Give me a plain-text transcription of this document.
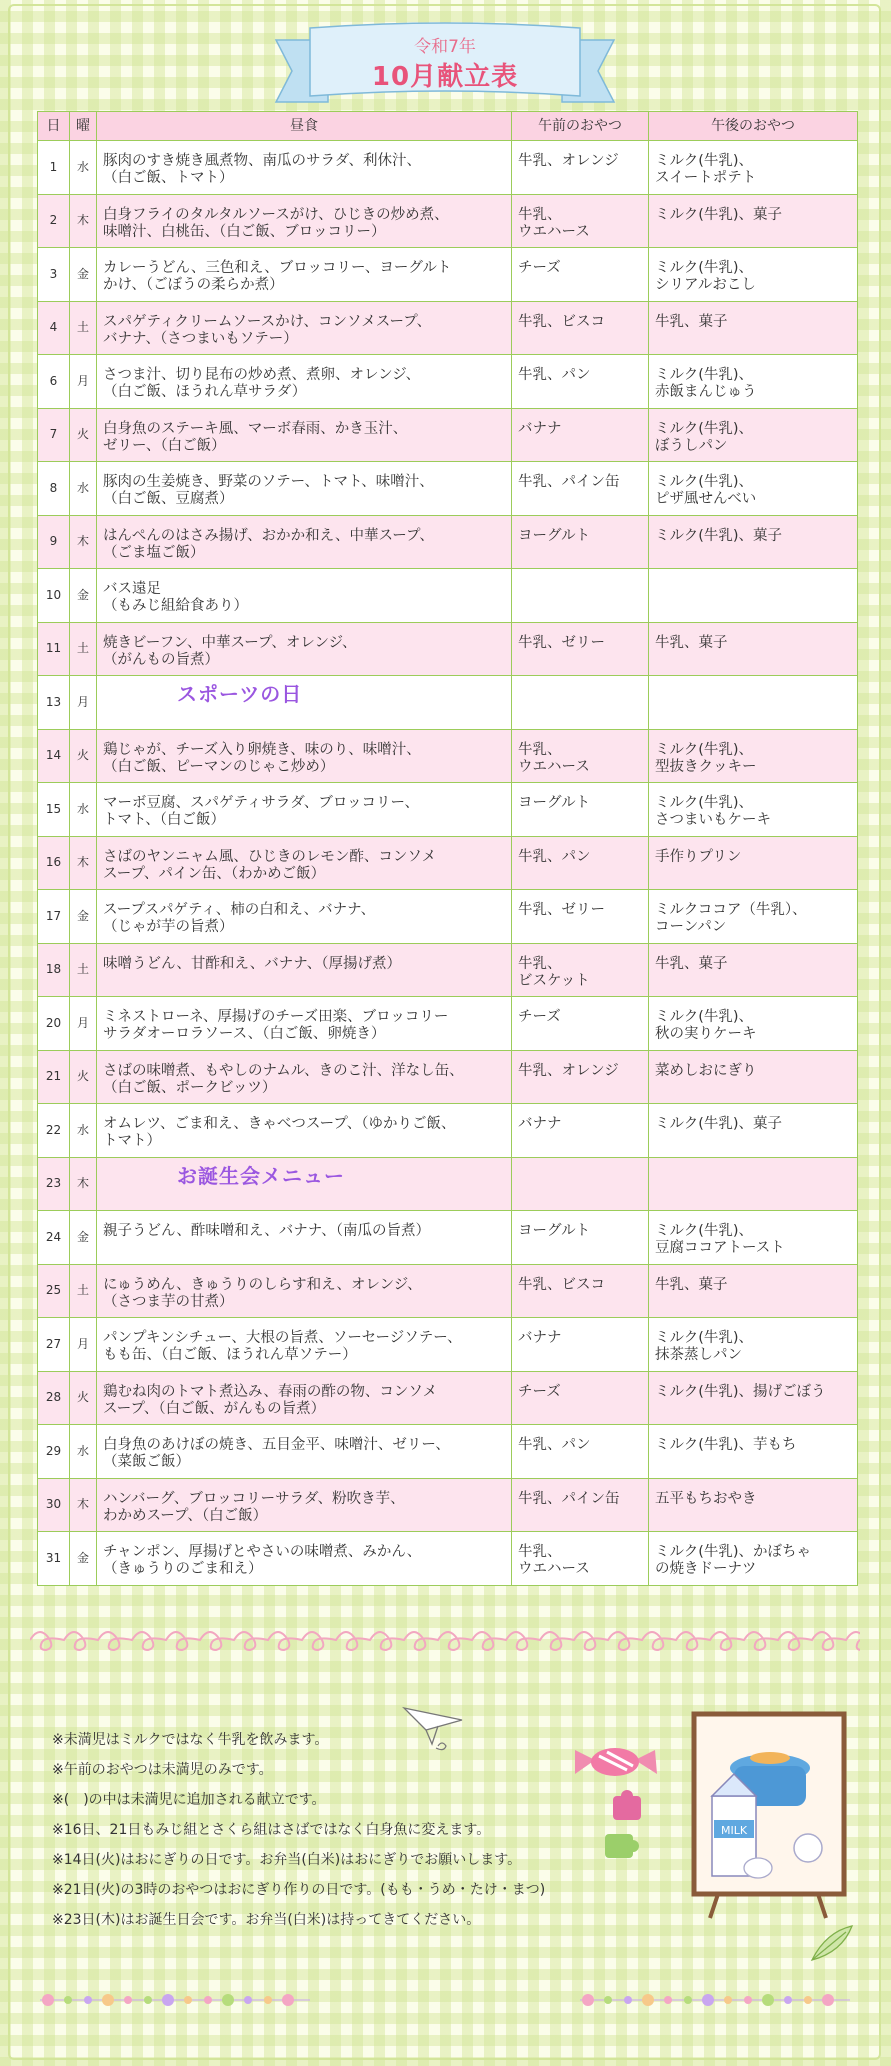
令和7年
10月献立表
日	曜	昼食	午前のおやつ	午後のおやつ
1	水	豚肉のすき焼き風煮物、南瓜のサラダ、利休汁、
（白ご飯、トマト）	牛乳、オレンジ	ミルク(牛乳)、
スイートポテト
2	木	白身フライのタルタルソースがけ、ひじきの炒め煮、
味噌汁、白桃缶、（白ご飯、ブロッコリー）	牛乳、
ウエハース	ミルク(牛乳)、菓子
3	金	カレーうどん、三色和え、ブロッコリー、ヨーグルト
かけ、（ごぼうの柔らか煮）	チーズ	ミルク(牛乳)、
シリアルおこし
4	土	スパゲティクリームソースかけ、コンソメスープ、
バナナ、（さつまいもソテー）	牛乳、ビスコ	牛乳、菓子
6	月	さつま汁、切り昆布の炒め煮、煮卵、オレンジ、
（白ご飯、ほうれん草サラダ）	牛乳、パン	ミルク(牛乳)、
赤飯まんじゅう
7	火	白身魚のステーキ風、マーボ春雨、かき玉汁、
ゼリー、（白ご飯）	バナナ	ミルク(牛乳)、
ぼうしパン
8	水	豚肉の生姜焼き、野菜のソテー、トマト、味噌汁、
（白ご飯、豆腐煮）	牛乳、パイン缶	ミルク(牛乳)、
ピザ風せんべい
9	木	はんぺんのはさみ揚げ、おかか和え、中華スープ、
（ごま塩ご飯）	ヨーグルト	ミルク(牛乳)、菓子
10	金	バス遠足
（もみじ組給食あり）		
11	土	焼きビーフン、中華スープ、オレンジ、
（がんもの旨煮）	牛乳、ゼリー	牛乳、菓子
13	月	スポーツの日		
14	火	鶏じゃが、チーズ入り卵焼き、味のり、味噌汁、
（白ご飯、ピーマンのじゃこ炒め）	牛乳、
ウエハース	ミルク(牛乳)、
型抜きクッキー
15	水	マーボ豆腐、スパゲティサラダ、ブロッコリー、
トマト、（白ご飯）	ヨーグルト	ミルク(牛乳)、
さつまいもケーキ
16	木	さばのヤンニャム風、ひじきのレモン酢、コンソメ
スープ、パイン缶、（わかめご飯）	牛乳、パン	手作りプリン
17	金	スープスパゲティ、柿の白和え、バナナ、
（じゃが芋の旨煮）	牛乳、ゼリー	ミルクココア（牛乳）、
コーンパン
18	土	味噌うどん、甘酢和え、バナナ、（厚揚げ煮）	牛乳、
ビスケット	牛乳、菓子
20	月	ミネストローネ、厚揚げのチーズ田楽、ブロッコリー
サラダオーロラソース、（白ご飯、卵焼き）	チーズ	ミルク(牛乳)、
秋の実りケーキ
21	火	さばの味噌煮、もやしのナムル、きのこ汁、洋なし缶、
（白ご飯、ポークビッツ）	牛乳、オレンジ	菜めしおにぎり
22	水	オムレツ、ごま和え、きゃべつスープ、（ゆかりご飯、
トマト）	バナナ	ミルク(牛乳)、菓子
23	木	お誕生会メニュー		
24	金	親子うどん、酢味噌和え、バナナ、（南瓜の旨煮）	ヨーグルト	ミルク(牛乳)、
豆腐ココアトースト
25	土	にゅうめん、きゅうりのしらす和え、オレンジ、
（さつま芋の甘煮）	牛乳、ビスコ	牛乳、菓子
27	月	パンプキンシチュー、大根の旨煮、ソーセージソテー、
もも缶、（白ご飯、ほうれん草ソテー）	バナナ	ミルク(牛乳)、
抹茶蒸しパン
28	火	鶏むね肉のトマト煮込み、春雨の酢の物、コンソメ
スープ、（白ご飯、がんもの旨煮）	チーズ	ミルク(牛乳)、揚げごぼう
29	水	白身魚のあけぼの焼き、五目金平、味噌汁、ゼリー、
（菜飯ご飯）	牛乳、パン	ミルク(牛乳)、芋もち
30	木	ハンバーグ、ブロッコリーサラダ、粉吹き芋、
わかめスープ、（白ご飯）	牛乳、パイン缶	五平もちおやき
31	金	チャンポン、厚揚げとやさいの味噌煮、みかん、
（きゅうりのごま和え）	牛乳、
ウエハース	ミルク(牛乳)、かぼちゃ
の焼きドーナツ
MILK
※未満児はミルクではなく牛乳を飲みます。
※午前のおやつは未満児のみです。
※(　)の中は未満児に追加される献立です。
※16日、21日もみじ組とさくら組はさばではなく白身魚に変えます。
※14日(火)はおにぎりの日です。お弁当(白米)はおにぎりでお願いします。
※21日(火)の3時のおやつはおにぎり作りの日です。(もも・うめ・たけ・まつ)
※23日(木)はお誕生日会です。お弁当(白米)は持ってきてください。
